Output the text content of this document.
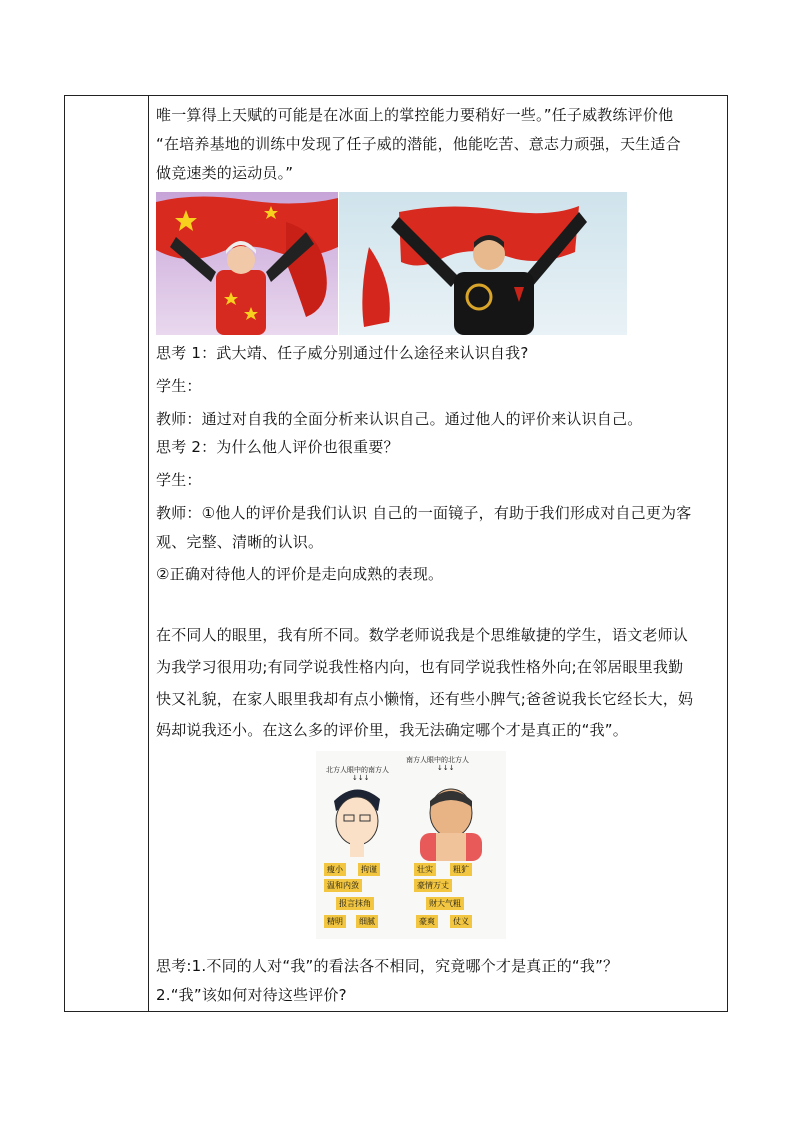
唯一算得上天赋的可能是在冰面上的掌控能力要稍好一些。”任子威教练评价他
“在培养基地的训练中发现了任子威的潜能，他能吃苦、意志力顽强，天生适合
做竞速类的运动员。”
思考 1：武大靖、任子威分别通过什么途径来认识自我?
学生：
教师：通过对自我的全面分析来认识自己。通过他人的评价来认识自己。
思考 2：为什么他人评价也很重要？
学生：
教师：①他人的评价是我们认识 自己的一面镜子，有助于我们形成对自己更为客
观、完整、清晰的认识。
②正确对待他人的评价是走向成熟的表现。
在不同人的眼里，我有所不同。数学老师说我是个思维敏捷的学生，语文老师认
为我学习很用功;有同学说我性格内向，也有同学说我性格外向;在邻居眼里我勤
快又礼貌，在家人眼里我却有点小懒惰，还有些小脾气;爸爸说我长它经长大，妈
妈却说我还小。在这么多的评价里，我无法确定哪个才是真正的“我”。
南方人眼中的北方人
↓↓↓
北方人眼中的南方人
↓↓↓
瘦小	拘谨
温和内敛
报言抹角
精明	细腻
壮实	粗犷
豪情万丈
财大气粗
豪爽	仗义
思考:1.不同的人对“我”的看法各不相同，究竟哪个才是真正的“我”？
2.“我”该如何对待这些评价?
